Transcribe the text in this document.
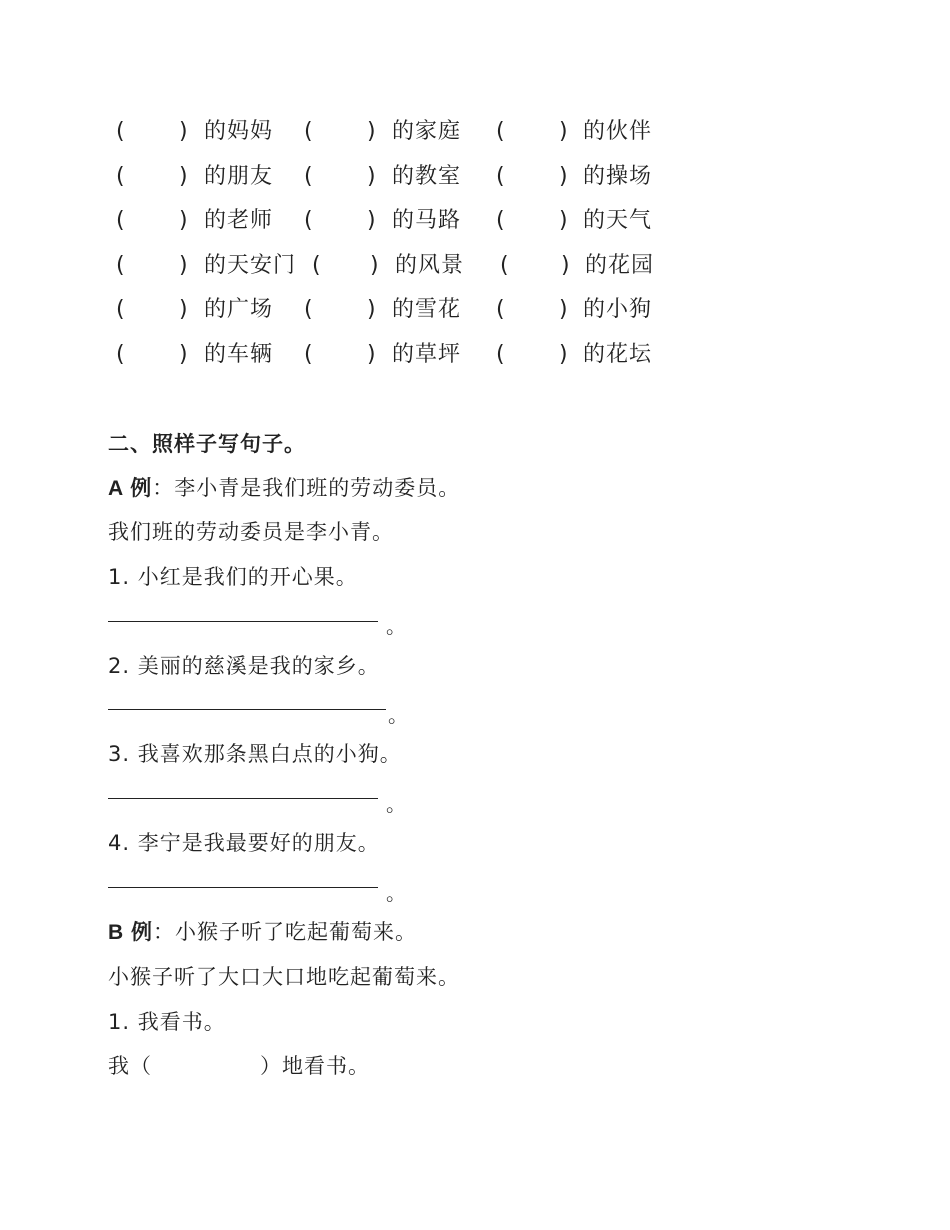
( ) 的妈妈 ( ) 的家庭 ( ) 的伙伴
( ) 的朋友 ( ) 的教室 ( ) 的操场
( ) 的老师 ( ) 的马路 ( ) 的天气
( ) 的天安门 ( ) 的风景 ( ) 的花园
( ) 的广场 ( ) 的雪花 ( ) 的小狗
( ) 的车辆 ( ) 的草坪 ( ) 的花坛
二、照样子写句子。
A 例：李小青是我们班的劳动委员。
我们班的劳动委员是李小青。
1. 小红是我们的开心果。
。
2. 美丽的慈溪是我的家乡。
。
3. 我喜欢那条黑白点的小狗。
。
4. 李宁是我最要好的朋友。
。
B 例：小猴子听了吃起葡萄来。
小猴子听了大口大口地吃起葡萄来。
1. 我看书。
我（	）地看书。
